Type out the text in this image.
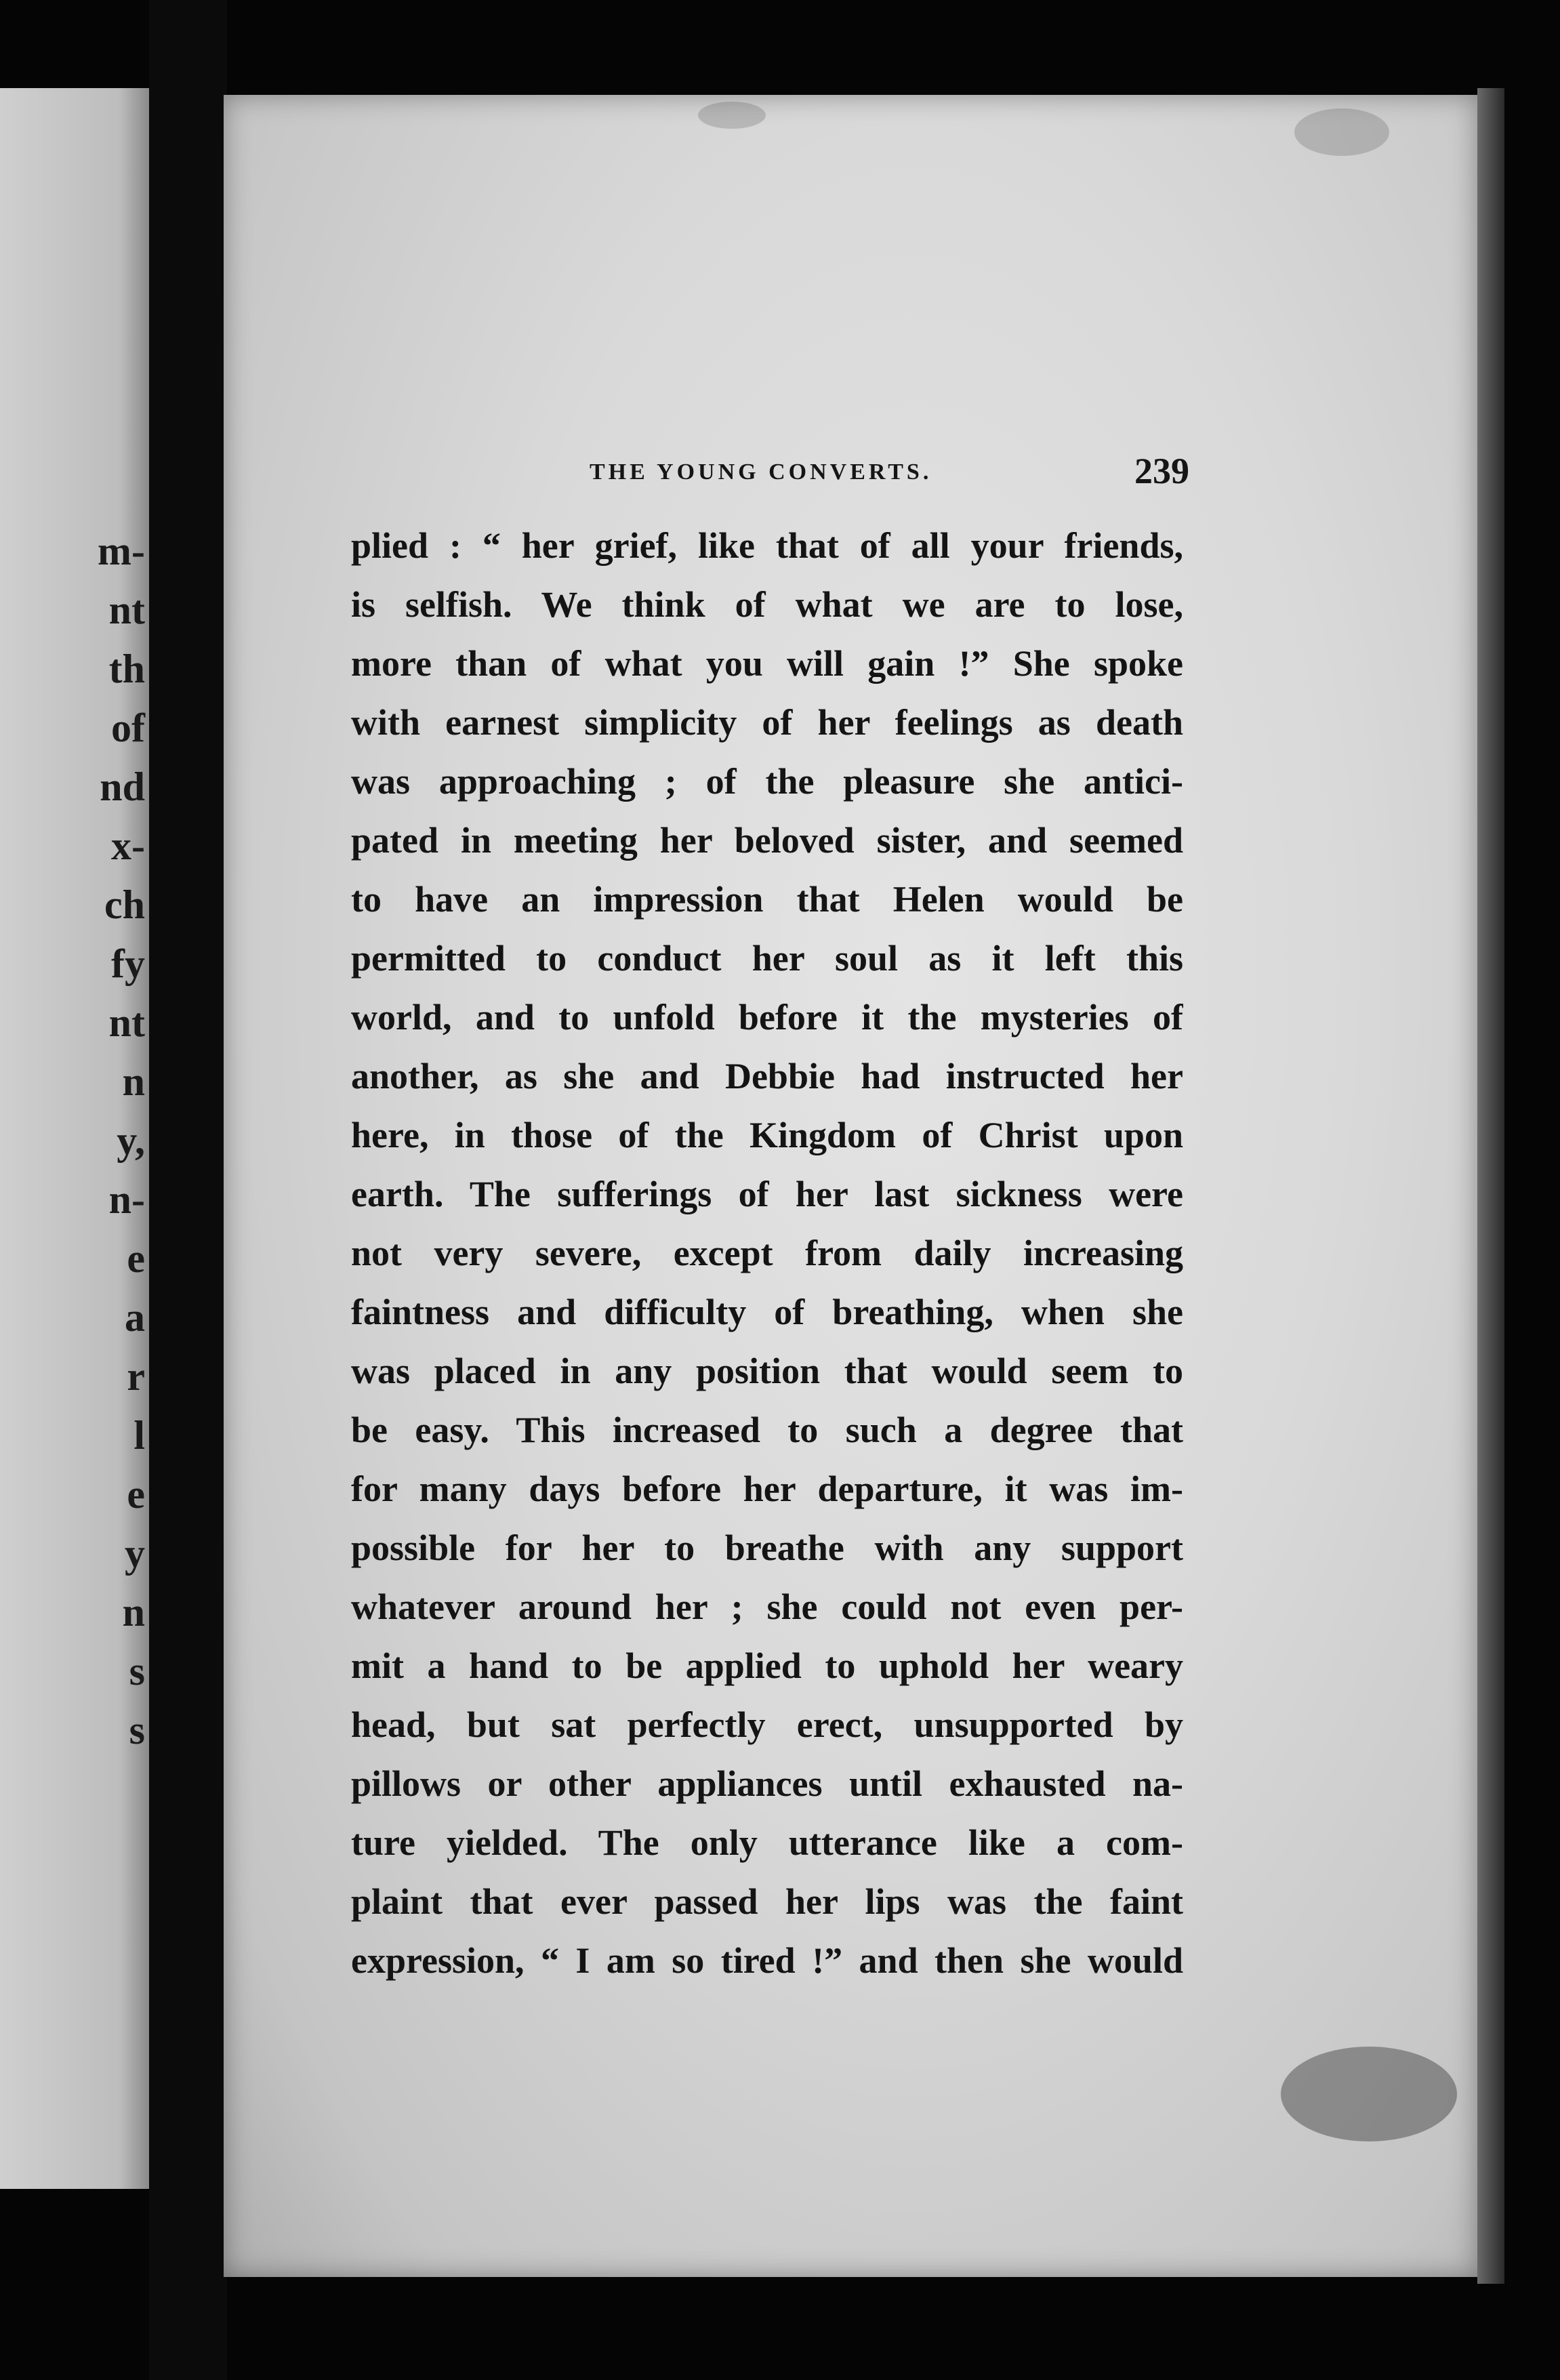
m-
nt
th
of
nd
x-
ch
fy
nt
n
y,
n-
e
a
r
l
e
y
n
s
s
THE YOUNG CONVERTS.	239
plied : “ her grief, like that of all your friends,
is selfish. We think of what we are to lose,
more than of what you will gain !” She spoke
with earnest simplicity of her feelings as death
was approaching ; of the pleasure she antici-
pated in meeting her beloved sister, and seemed
to have an impression that Helen would be
permitted to conduct her soul as it left this
world, and to unfold before it the mysteries of
another, as she and Debbie had instructed her
here, in those of the Kingdom of Christ upon
earth. The sufferings of her last sickness were
not very severe, except from daily increasing
faintness and difficulty of breathing, when she
was placed in any position that would seem to
be easy. This increased to such a degree that
for many days before her departure, it was im-
possible for her to breathe with any support
whatever around her ; she could not even per-
mit a hand to be applied to uphold her weary
head, but sat perfectly erect, unsupported by
pillows or other appliances until exhausted na-
ture yielded. The only utterance like a com-
plaint that ever passed her lips was the faint
expression, “ I am so tired !” and then she would
